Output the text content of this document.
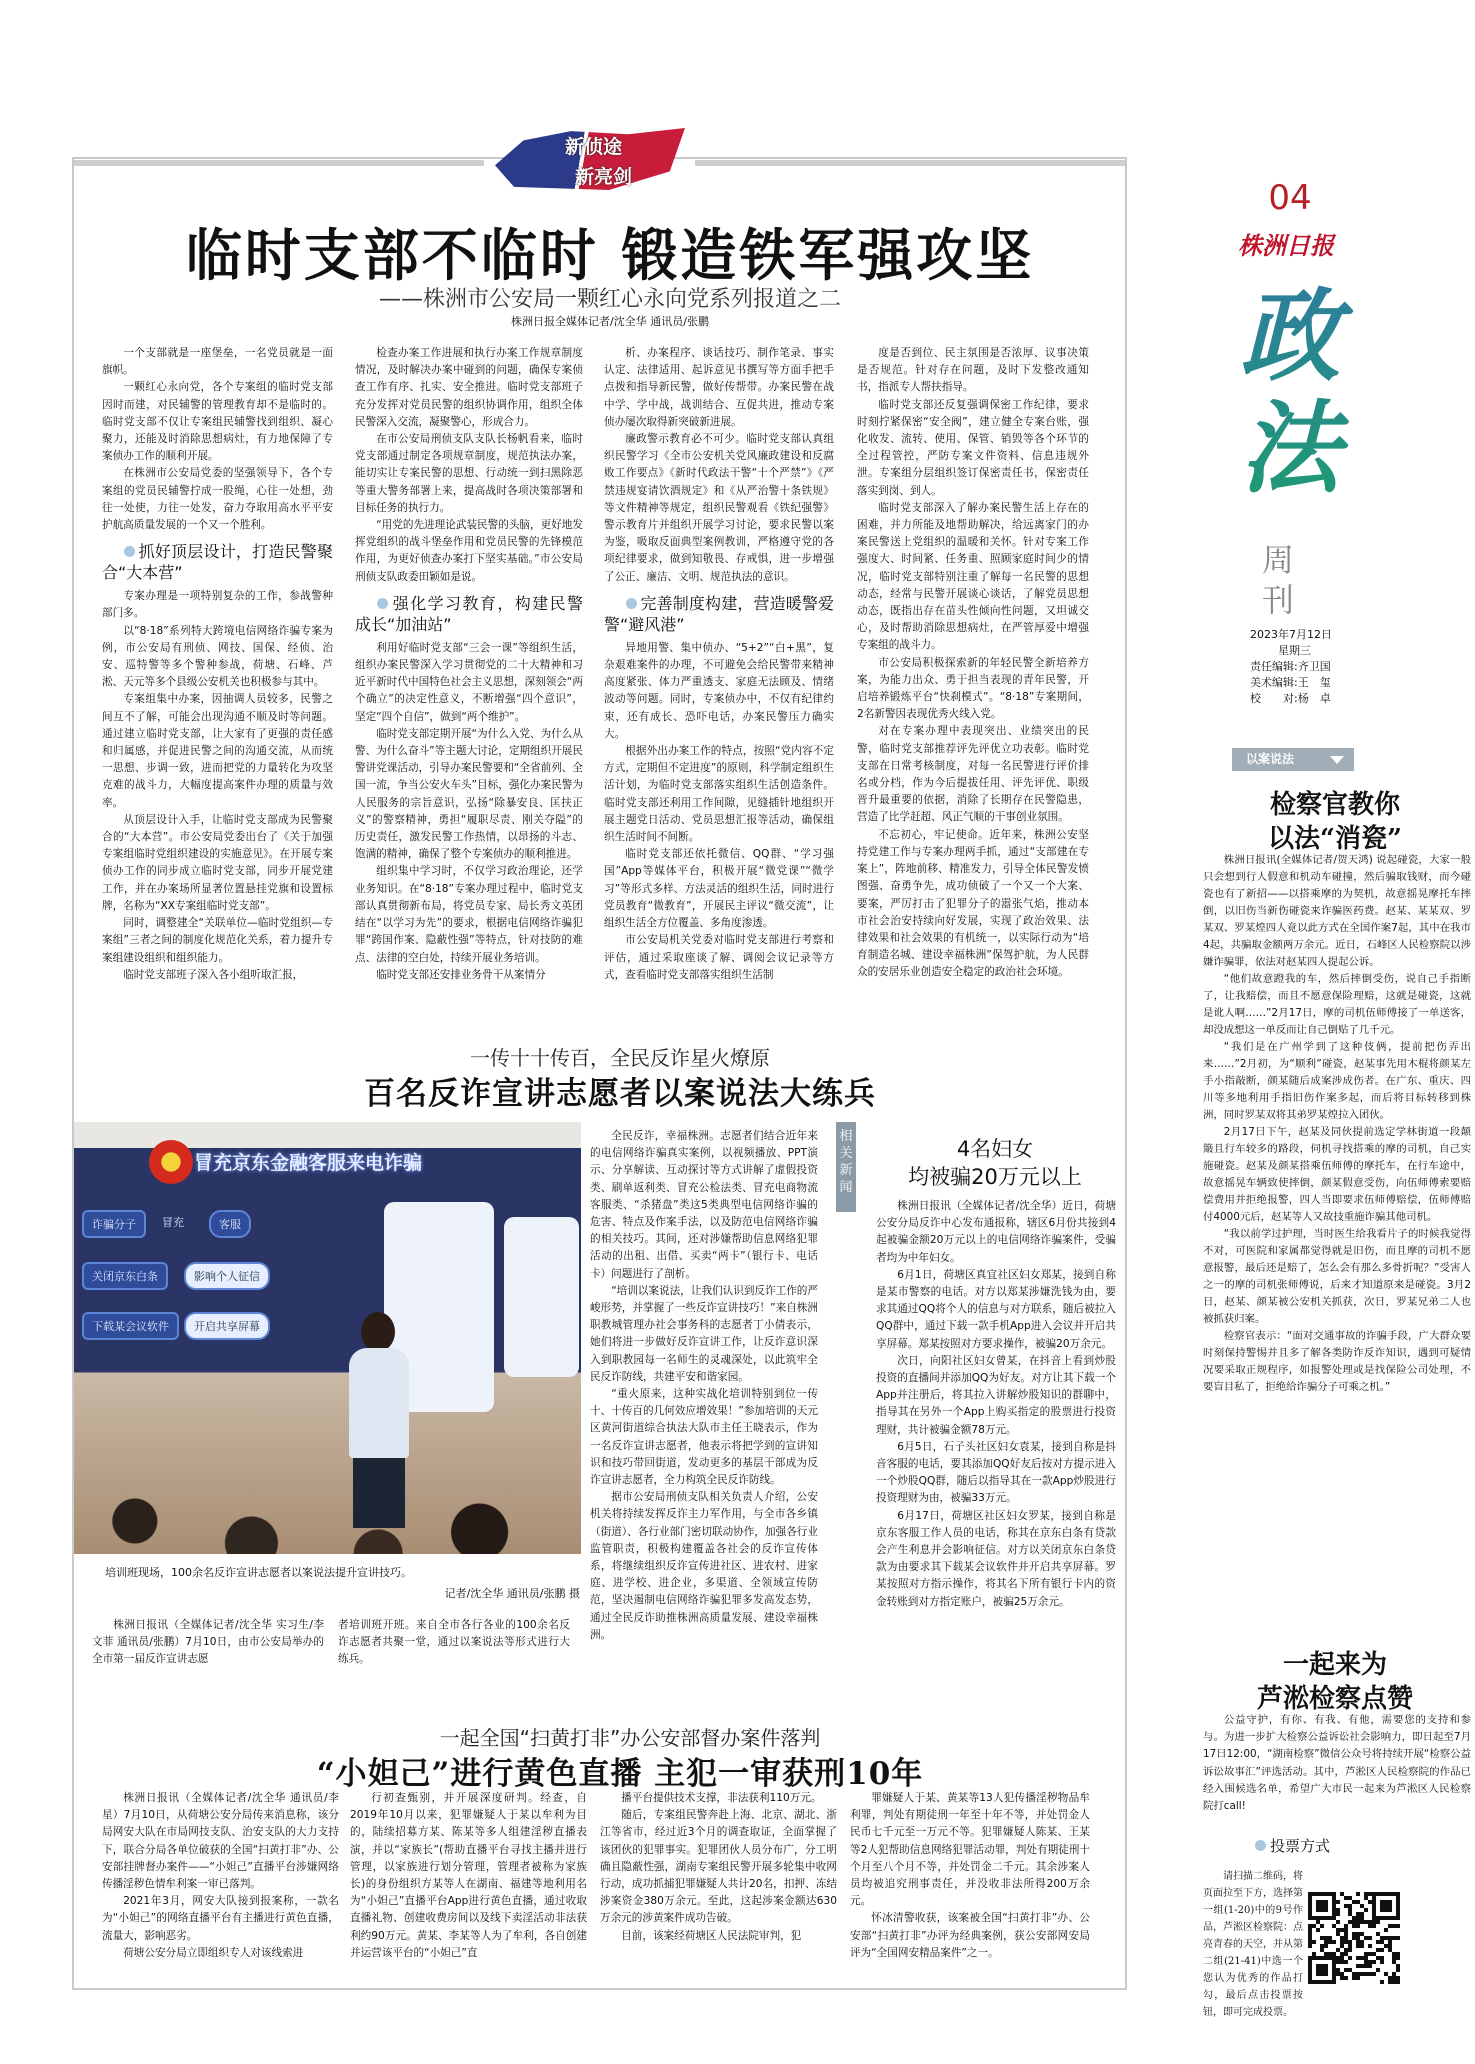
新侦途
新亮剑
临时支部不临时 锻造铁军强攻坚
——株洲市公安局一颗红心永向党系列报道之二
株洲日报全媒体记者/沈全华 通讯员/张鹏

一个支部就是一座堡垒，一名党员就是一面旗帜。

一颗红心永向党，各个专案组的临时党支部因时而建，对民辅警的管理教育却不是临时的。临时党支部不仅让专案组民辅警找到组织、凝心聚力，还能及时消除思想病灶，有力地保障了专案侦办工作的顺利开展。

在株洲市公安局党委的坚强领导下，各个专案组的党员民辅警拧成一股绳，心往一处想，劲往一处使，力往一处发，奋力夺取用高水平平安护航高质量发展的一个又一个胜利。

抓好顶层设计，打造民警聚合“大本营”

专案办理是一项特别复杂的工作，参战警种部门多。

以“8·18”系列特大跨境电信网络诈骗专案为例，市公安局有刑侦、网技、国保、经侦、治安、巡特警等多个警种参战，荷塘、石峰、芦淞、天元等多个县级公安机关也积极参与其中。

专案组集中办案，因抽调人员较多，民警之间互不了解，可能会出现沟通不顺及时等问题。通过建立临时党支部，让大家有了更强的责任感和归属感，并促进民警之间的沟通交流，从而统一思想、步调一致，进而把党的力量转化为攻坚克难的战斗力，大幅度提高案件办理的质量与效率。

从顶层设计入手，让临时党支部成为民警聚合的“大本营”。市公安局党委出台了《关于加强专案组临时党组织建设的实施意见》。在开展专案侦办工作的同步成立临时党支部，同步开展党建工作，并在办案场所显著位置悬挂党旗和设置标牌，名称为“XX专案组临时党支部”。

同时，调整建全“关联单位—临时党组织—专案组”三者之间的制度化规范化关系，着力提升专案组建设组织和组织能力。

临时党支部班子深入各小组听取汇报，

检查办案工作进展和执行办案工作规章制度情况，及时解决办案中碰到的问题，确保专案侦查工作有序、扎实、安全推进。临时党支部班子充分发挥对党员民警的组织协调作用，组织全体民警深入交流，凝聚警心，形成合力。

在市公安局刑侦支队支队长杨帆看来，临时党支部通过制定各项规章制度，规范执法办案，能切实让专案民警的思想、行动统一到扫黑除恶等重大警务部署上来，提高战时各项决策部署和目标任务的执行力。

“用党的先进理论武装民警的头脑，更好地发挥党组织的战斗堡垒作用和党员民警的先锋模范作用，为更好侦查办案打下坚实基础。”市公安局刑侦支队政委田颖如是说。

强化学习教育，构建民警成长“加油站”

利用好临时党支部“三会一课”等组织生活，组织办案民警深入学习贯彻党的二十大精神和习近平新时代中国特色社会主义思想，深刻领会“两个确立”的决定性意义，不断增强“四个意识”，坚定“四个自信”，做到“两个维护”。

临时党支部定期开展“为什么入党、为什么从警、为什么奋斗”等主题大讨论，定期组织开展民警讲党课活动，引导办案民警要和“全省前列、全国一流，争当公安火车头”目标，强化办案民警为人民服务的宗旨意识，弘扬“除暴安良、匡扶正义”的警察精神，勇担“履职尽责、刚关夺隘”的历史责任，激发民警工作热情，以昂扬的斗志、饱满的精神，确保了整个专案侦办的顺利推进。

组织集中学习时，不仅学习政治理论，还学业务知识。在“8·18”专案办理过程中，临时党支部认真贯彻新布局，将党员专家、局长秀文英团结在“以学习为先”的要求，根据电信网络诈骗犯罪“跨国作案、隐蔽性强”等特点，针对技防的难点、法律的空白处，持续开展业务培训。

临时党支部还安排业务骨干从案情分

析、办案程序、谈话技巧、制作笔录、事实认定、法律适用、起诉意见书撰写等方面手把手点拨和指导新民警，做好传帮带。办案民警在战中学、学中战，战训结合、互促共进，推动专案侦办屡次取得新突破新进展。

廉政警示教育必不可少。临时党支部认真组织民警学习《全市公安机关党风廉政建设和反腐败工作要点》《新时代政法干警“十个严禁”》《严禁违规宴请饮酒规定》和《从严治警十条铁规》等文件精神等规定，组织民警观看《铁纪强警》警示教育片并组织开展学习讨论，要求民警以案为鉴，吸取反面典型案例教训，严格遵守党的各项纪律要求，做到知敬畏、存戒惧，进一步增强了公正、廉洁、文明、规范执法的意识。

完善制度构建，营造暖警爱警“避风港”

异地用警、集中侦办、“5+2”“白+黑”，复杂艰难案件的办理，不可避免会给民警带来精神高度紧张、体力严重透支、家庭无法顾及、情绪波动等问题。同时，专案侦办中，不仅有纪律约束，还有成长、恐吓电话，办案民警压力确实大。

根据外出办案工作的特点，按照“党内容不定方式，定期但不定进度”的原则，科学制定组织生活计划，为临时党支部落实组织生活创造条件。临时党支部还利用工作间隙，见缝插针地组织开展主题党日活动、党员思想汇报等活动，确保组织生活时间不间断。

临时党支部还依托微信、QQ群、“学习强国”App等媒体平台，积极开展“微党课”“微学习”等形式多样、方法灵活的组织生活，同时进行党员教育“微教育”，开展民主评议“微交流”，让组织生活全方位覆盖、多角度渗透。

市公安局机关党委对临时党支部进行考察和评估，通过采取座谈了解、调阅会议记录等方式，查看临时党支部落实组织生活制

度是否到位、民主氛围是否浓厚、议事决策是否规范。针对存在问题，及时下发整改通知书，指派专人帮扶指导。

临时党支部还反复强调保密工作纪律，要求时刻拧紧保密“安全阀”，建立健全专案台账，强化收发、流转、使用、保管、销毁等各个环节的全过程管控，严防专案文件资料、信息违规外泄。专案组分层组织签订保密责任书，保密责任落实到岗、到人。

临时党支部深入了解办案民警生活上存在的困难，并力所能及地帮助解决，给远离家门的办案民警送上党组织的温暖和关怀。针对专案工作强度大、时间紧、任务重、照顾家庭时间少的情况，临时党支部特别注重了解每一名民警的思想动态，经常与民警开展谈心谈话，了解党员思想动态，既指出存在苗头性倾向性问题，又坦诚交心，及时帮助消除思想病灶，在严管厚爱中增强专案组的战斗力。

市公安局积极探索新的年轻民警全新培养方案，为能力出众、勇于担当表现的青年民警，开启培养锻炼平台“快刹模式”。“8·18”专案期间，2名新警因表现优秀火线入党。

对在专案办理中表现突出、业绩突出的民警，临时党支部推荐评先评优立功表彰。临时党支部在日常考核制度，对每一名民警进行评价排名或分档，作为今后提拔任用、评先评优、职级晋升最重要的依据，消除了长期存在民警隐患，营造了比学赶超、风正气顺的干事创业氛围。

不忘初心，牢记使命。近年来，株洲公安坚持党建工作与专案办理两手抓，通过“支部建在专案上”，阵地前移、精准发力，引导全体民警发愤图强、奋勇争先，成功侦破了一个又一个大案、要案，严厉打击了犯罪分子的嚣张气焰，推动本市社会治安持续向好发展，实现了政治效果、法律效果和社会效果的有机统一，以实际行动为“培育制造名城、建设幸福株洲”保驾护航，为人民群众的安居乐业创造安全稳定的政治社会环境。

一传十十传百，全民反诈星火燎原
百名反诈宣讲志愿者以案说法大练兵
冒充京东金融客服来电诈骗
诈骗分子	冒充	客服
关闭京东白条	影响个人征信
下载某会议软件	开启共享屏幕
培训班现场，100余名反诈宣讲志愿者以案说法提升宣讲技巧。
记者/沈全华 通讯员/张鹏 摄

株洲日报讯（全媒体记者/沈全华 实习生/李文菲 通讯员/张鹏）7月10日，由市公安局举办的全市第一届反诈宣讲志愿

者培训班开班。来自全市各行各业的100余名反诈志愿者共聚一堂，通过以案说法等形式进行大练兵。

全民反诈，幸福株洲。志愿者们结合近年来的电信网络诈骗真实案例，以视频播放、PPT演示、分享解读、互动探讨等方式讲解了虚假投资类、刷单返利类、冒充公检法类、冒充电商物流客服类、“杀猪盘”类这5类典型电信网络诈骗的危害、特点及作案手法，以及防范电信网络诈骗的相关技巧。其间，还对涉嫌帮助信息网络犯罪活动的出租、出借、买卖“两卡”（银行卡、电话卡）问题进行了剖析。

“培训以案说法，让我们认识到反诈工作的严峻形势，并掌握了一些反诈宣讲技巧！”来自株洲职教城管理办社会事务科的志愿者丁小倩表示，她们将进一步做好反诈宣讲工作，让反诈意识深入到职教园每一名师生的灵魂深处，以此筑牢全民反诈防线，共建平安和谐家园。

“重火原来，这种实战化培训特别到位一传十、十传百的几何效应增效果！”参加培训的天元区黄河街道综合执法大队市主任王晓表示，作为一名反诈宣讲志愿者，他表示将把学到的宣讲知识和技巧带回街道，发动更多的基层干部成为反诈宣讲志愿者，全力构筑全民反诈防线。

据市公安局刑侦支队相关负责人介绍，公安机关将持续发挥反诈主力军作用，与全市各乡镇（街道）、各行业部门密切联动协作，加强各行业监管职责，积极构建覆盖各社会的反诈宣传体系，将继续组织反诈宣传进社区、进农村、进家庭、进学校、进企业，多渠道、全领域宣传防范，坚决遏制电信网络诈骗犯罪多发高发态势，通过全民反诈助推株洲高质量发展、建设幸福株洲。

相关新闻
4名妇女
均被骗20万元以上

株洲日报讯（全媒体记者/沈全华）近日，荷塘公安分局反诈中心发布通报称，辖区6月份共接到4起被骗金额20万元以上的电信网络诈骗案件，受骗者均为中年妇女。

6月1日，荷塘区真宜社区妇女郑某，接到自称是某市警察的电话。对方以郑某涉嫌洗钱为由，要求其通过QQ将个人的信息与对方联系，随后被拉入QQ群中，通过下载一款手机App进入会议并开启共享屏幕。郑某按照对方要求操作，被骗20万余元。

次日，向阳社区妇女曾某，在抖音上看到炒股投资的直播间并添加QQ为好友。对方让其下载一个App并注册后，将其拉入讲解炒股知识的群聊中，指导其在另外一个App上购买指定的股票进行投资理财，共计被骗金额78万元。

6月5日，石子头社区妇女袁某，接到自称是抖音客服的电话，要其添加QQ好友后按对方提示进入一个炒股QQ群，随后以指导其在一款App炒股进行投资理财为由，被骗33万元。

6月17日，荷塘区社区妇女罗某，接到自称是京东客服工作人员的电话，称其在京东白条有贷款会产生利息并会影响征信。对方以关闭京东白条贷款为由要求其下载某会议软件并开启共享屏幕。罗某按照对方指示操作，将其名下所有银行卡内的资金转账到对方指定账户，被骗25万余元。

一起全国“扫黄打非”办公安部督办案件落判
“小妲己”进行黄色直播 主犯一审获刑10年

株洲日报讯（全媒体记者/沈全华 通讯员/李星）7月10日，从荷塘公安分局传来消息称，该分局网安大队在市局网技支队、治安支队的大力支持下，联合分局各单位破获的全国“扫黄打非”办、公安部挂牌督办案件——“小妲己”直播平台涉嫌网络传播淫秽色情牟利案一审已落判。

2021年3月，网安大队接到报案称，一款名为“小妲己”的网络直播平台有主播进行黄色直播，流量大，影响恶劣。

荷塘公安分局立即组织专人对该线索进

行初查甄别，并开展深度研判。经查，自2019年10月以来，犯罪嫌疑人于某以牟利为目的，陆续招募方某、陈某等多人组建淫秽直播表演，并以“家族长”(帮助直播平台寻找主播并进行管理，以家族进行划分管理，管理者被称为家族长)的身份组织方某等人在湖南、福建等地利用名为“小妲己”直播平台App进行黄色直播，通过收取直播礼物、创建收费房间以及线下卖淫活动非法获利约90万元。黄某、李某等人为了牟利，各自创建并运营该平台的“小妲己”直

播平台提供技术支撑，非法获利110万元。

随后，专案组民警奔赴上海、北京、湖北、浙江等省市，经过近3个月的调查取证，全面掌握了该团伙的犯罪事实。犯罪团伙人员分布广，分工明确且隐蔽性强，湖南专案组民警开展多轮集中收网行动，成功抓捕犯罪嫌疑人共计20名，扣押、冻结涉案资金380万余元。至此，这起涉案金额达630万余元的涉黄案件成功告破。

目前，该案经荷塘区人民法院审判，犯

罪嫌疑人于某、黄某等13人犯传播淫秽物品牟利罪，判处有期徒刑一年至十年不等，并处罚金人民币七千元至一万元不等。犯罪嫌疑人陈某、王某等2人犯帮助信息网络犯罪活动罪，判处有期徒刑十个月至八个月不等，并处罚金二千元。其余涉案人员均被追究刑事责任，并没收非法所得200万余元。

怀冰清警收获，该案被全国“扫黄打非”办、公安部“扫黄打非”办评为经典案例，获公安部网安局评为“全国网安精品案件”之一。

04
株洲日报
政法
周
刊
2023年7月12日
星期三
责任编辑:齐卫国
美术编辑:王　玺
校　　对:杨　卓
以案说法
检察官教你
以法“消瓷”

株洲日报讯(全媒体记者/贺天鸿) 说起碰瓷，大家一般只会想到行人假意和机动车碰撞，然后骗取钱财，而今碰瓷也有了新招——以搭乘摩的为契机，故意摇晃摩托车摔倒，以旧伤当新伤碰瓷来诈骗医药费。赵某、某某双、罗某双、罗某煌四人竟以此方式在全国作案7起，其中在我市4起，共骗取金额两万余元。近日，石峰区人民检察院以涉嫌诈骗罪，依法对赵某四人提起公诉。

“他们故意蹬我的车，然后摔倒受伤，说自己手指断了，让我赔偿，而且不愿意保险理赔，这就是碰瓷，这就是讹人啊……”2月17日，摩的司机伍师傅接了一单送客，却没成想这一单反而让自己倒贴了几千元。

“我们是在广州学到了这种伎俩，提前把伤弄出来……”2月初，为“顺利”碰瓷，赵某事先用木棍将颜某左手小指敲断，颜某随后成案涉成伤者。在广东、重庆、四川等多地利用手指旧伤作案多起，而后将目标转移到株洲，同时罗某双将其弟罗某煌拉入团伙。

2月17日下午，赵某及同伙提前选定学林街道一段颠簸且行车较多的路段，伺机寻找搭乘的摩的司机，自己实施碰瓷。赵某及颜某搭乘伍师傅的摩托车，在行车途中，故意摇晃车辆致使摔倒，颜某假意受伤，向伍师傅索要赔偿费用并拒绝报警，四人当即要求伍师傅赔偿，伍师傅赔付4000元后，赵某等人又故技重施诈骗其他司机。

“我以前学过护理，当时医生给我看片子的时候我觉得不对，可医院和家属都觉得就是旧伤，而且摩的司机不愿意报警，最后还是赔了，怎么会有那么多骨折呢？”受害人之一的摩的司机张师傅说，后来才知道原来是碰瓷。3月2日，赵某、颜某被公安机关抓获，次日，罗某兄弟二人也被抓获归案。

检察官表示：“面对交通事故的诈骗手段，广大群众要时刻保持警惕并且多了解各类防诈反诈知识，遇到可疑情况要采取正规程序，如报警处理或是找保险公司处理，不要盲目私了，拒绝给诈骗分子可乘之机。”

一起来为
芦淞检察点赞

公益守护，有你、有我、有他，需要您的支持和参与。为进一步扩大检察公益诉讼社会影响力，即日起至7月17日12:00，“湖南检察”微信公众号将持续开展“检察公益诉讼故事汇”评选活动。其中，芦淞区人民检察院的作品已经入围候选名单，希望广大市民一起来为芦淞区人民检察院打call!

投票方式

请扫描二维码，将页面拉至下方，选择第一组(1-20)中的9号作品，芦淞区检察院：点亮青春的天空，并从第二组(21-41)中选一个您认为优秀的作品打勾，最后点击投票按钮，即可完成投票。
